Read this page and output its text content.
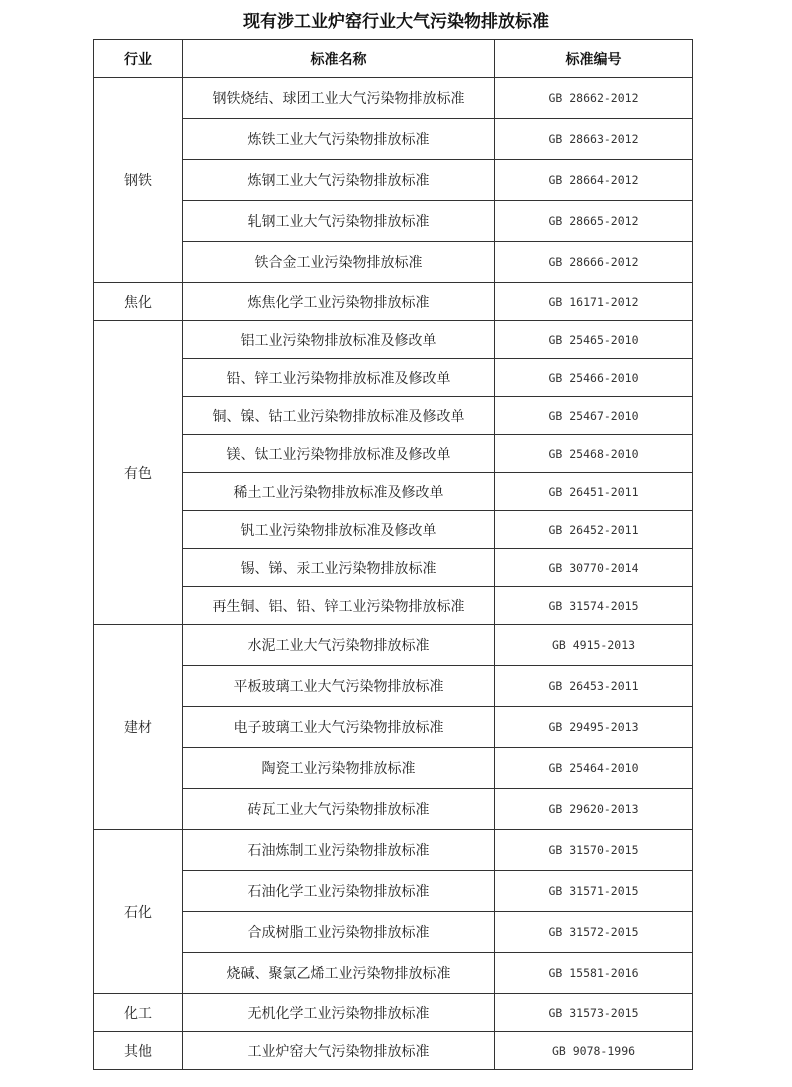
现有涉工业炉窑行业大气污染物排放标准
行业	标准名称	标准编号
钢铁	钢铁烧结、球团工业大气污染物排放标准	GB 28662-2012
	炼铁工业大气污染物排放标准	GB 28663-2012
	炼钢工业大气污染物排放标准	GB 28664-2012
	轧钢工业大气污染物排放标准	GB 28665-2012
	铁合金工业污染物排放标准	GB 28666-2012
焦化	炼焦化学工业污染物排放标准	GB 16171-2012
有色	铝工业污染物排放标准及修改单	GB 25465-2010
	铅、锌工业污染物排放标准及修改单	GB 25466-2010
	铜、镍、钴工业污染物排放标准及修改单	GB 25467-2010
	镁、钛工业污染物排放标准及修改单	GB 25468-2010
	稀土工业污染物排放标准及修改单	GB 26451-2011
	钒工业污染物排放标准及修改单	GB 26452-2011
	锡、锑、汞工业污染物排放标准	GB 30770-2014
	再生铜、铝、铅、锌工业污染物排放标准	GB 31574-2015
建材	水泥工业大气污染物排放标准	GB 4915-2013
	平板玻璃工业大气污染物排放标准	GB 26453-2011
	电子玻璃工业大气污染物排放标准	GB 29495-2013
	陶瓷工业污染物排放标准	GB 25464-2010
	砖瓦工业大气污染物排放标准	GB 29620-2013
石化	石油炼制工业污染物排放标准	GB 31570-2015
	石油化学工业污染物排放标准	GB 31571-2015
	合成树脂工业污染物排放标准	GB 31572-2015
	烧碱、聚氯乙烯工业污染物排放标准	GB 15581-2016
化工	无机化学工业污染物排放标准	GB 31573-2015
其他	工业炉窑大气污染物排放标准	GB 9078-1996
